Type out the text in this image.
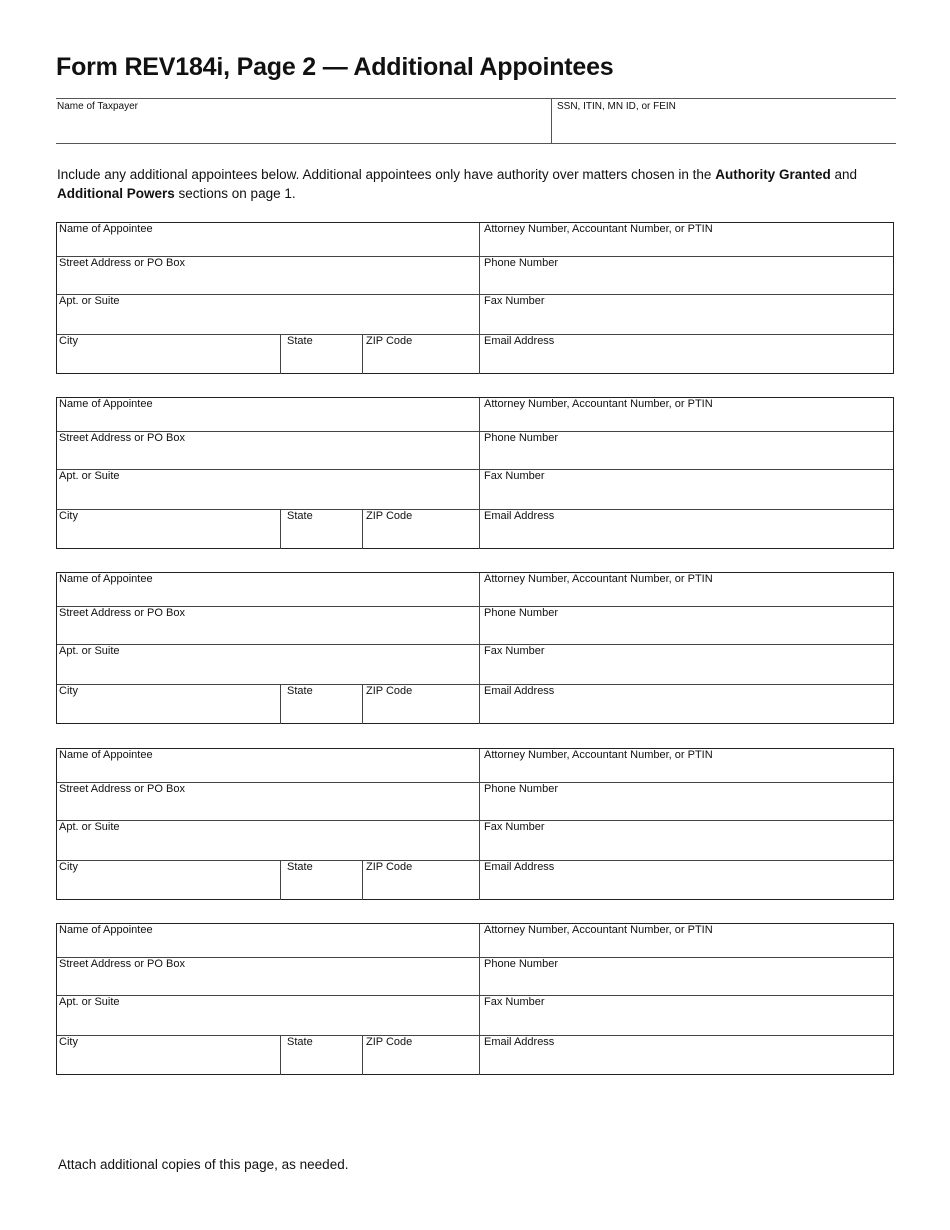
Form REV184i, Page 2 — Additional Appointees
Name of Taxpayer	SSN, ITIN, MN ID, or FEIN

Include any additional appointees below. Additional appointees only have authority over matters chosen in the Authority Granted and Additional Powers sections on page 1.

Name of Appointee	Attorney Number, Accountant Number, or PTIN
Street Address or PO Box	Phone Number
Apt. or Suite	Fax Number
City	State	ZIP Code	Email Address
Name of Appointee	Attorney Number, Accountant Number, or PTIN
Street Address or PO Box	Phone Number
Apt. or Suite	Fax Number
City	State	ZIP Code	Email Address
Name of Appointee	Attorney Number, Accountant Number, or PTIN
Street Address or PO Box	Phone Number
Apt. or Suite	Fax Number
City	State	ZIP Code	Email Address
Name of Appointee	Attorney Number, Accountant Number, or PTIN
Street Address or PO Box	Phone Number
Apt. or Suite	Fax Number
City	State	ZIP Code	Email Address
Name of Appointee	Attorney Number, Accountant Number, or PTIN
Street Address or PO Box	Phone Number
Apt. or Suite	Fax Number
City	State	ZIP Code	Email Address

Attach additional copies of this page, as needed.
